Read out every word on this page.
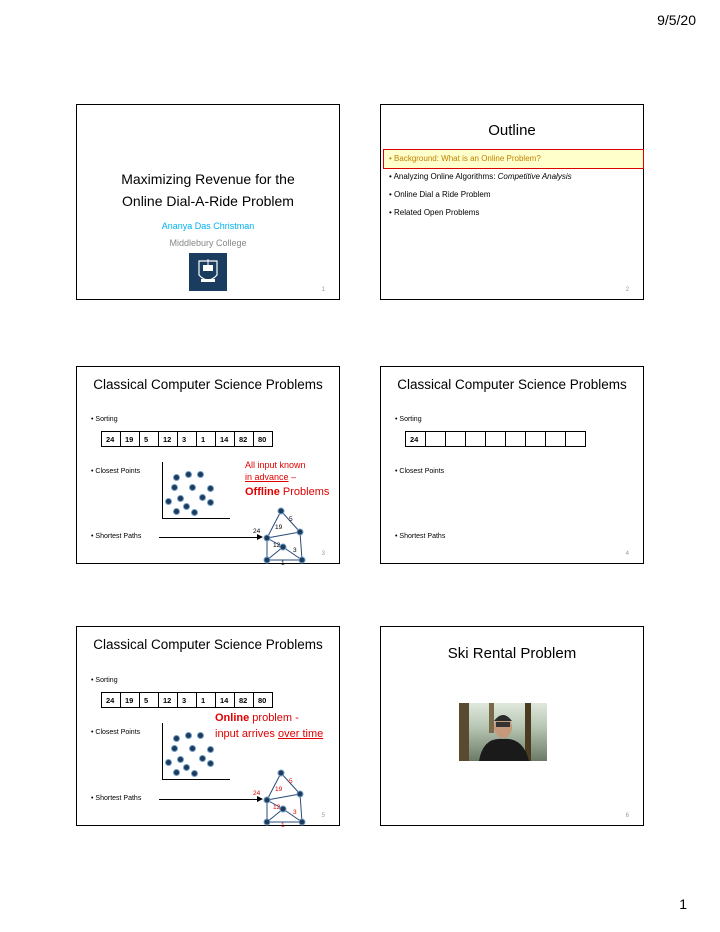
9/5/20
1
Maximizing Revenue for the
Online Dial-A-Ride Problem
Ananya Das Christman
Middlebury College
1
Outline
• Background: What is an Online Problem?
• Analyzing Online Algorithms: Competitive Analysis
• Online Dial a Ride Problem
• Related Open Problems
2
Classical Computer Science Problems
• Sorting
24	19	5	12	3	1	14	82	80
• Closest Points
All input known
in advance –
Offline Problems
• Shortest Paths
5
24
19
12
3
1
3
Classical Computer Science Problems
• Sorting
24								
• Closest Points
• Shortest Paths
4
Classical Computer Science Problems
• Sorting
24	19	5	12	3	1	14	82	80
Online problem -
input arrives over time
• Closest Points
• Shortest Paths
5
24
19
12
3
1
5
Ski Rental Problem
6
